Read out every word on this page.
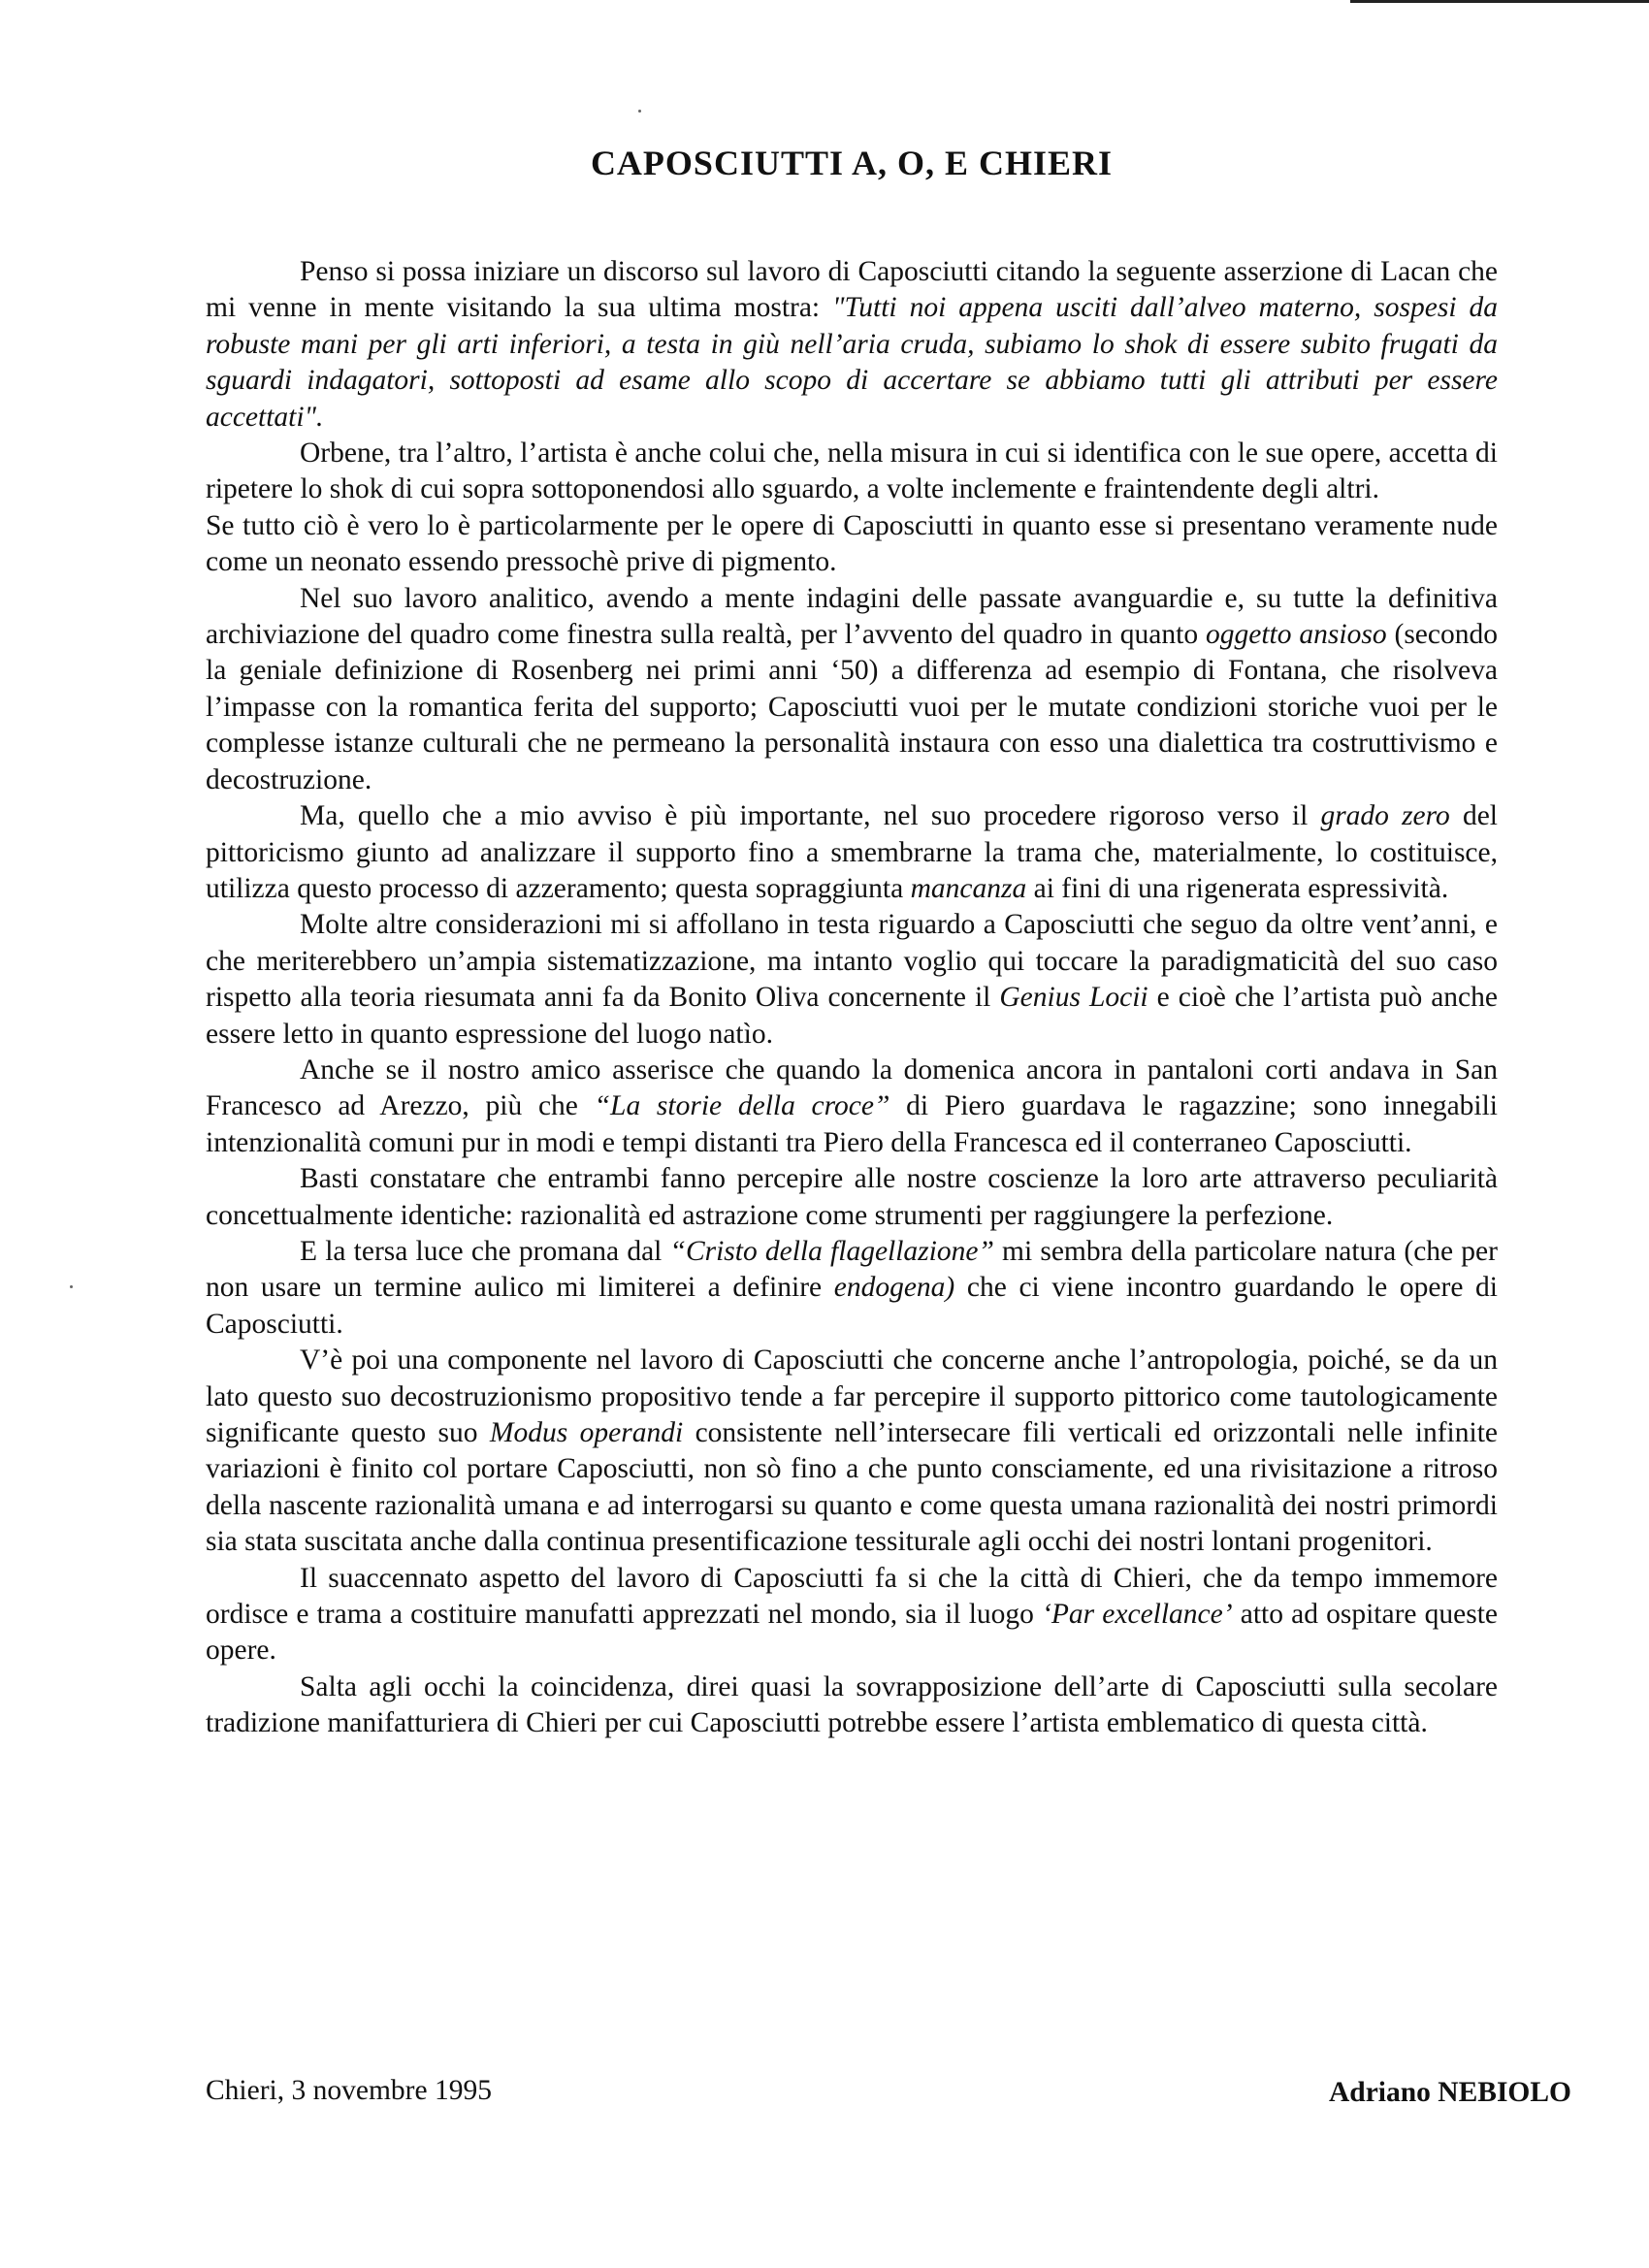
CAPOSCIUTTI A, O, E CHIERI

Penso si possa iniziare un discorso sul lavoro di Caposciutti citando la seguente asserzione di Lacan che mi venne in mente visitando la sua ultima mostra: "Tutti noi appena usciti dall’alveo materno, sospesi da robuste mani per gli arti inferiori, a testa in giù nell’aria cruda, subiamo lo shok di essere subito frugati da sguardi indagatori, sottoposti ad esame allo scopo di accertare se abbiamo tutti gli attributi per essere accettati".

Orbene, tra l’altro, l’artista è anche colui che, nella misura in cui si identifica con le sue opere, accetta di ripetere lo shok di cui sopra sottoponendosi allo sguardo, a volte inclemente e fraintendente degli altri.

Se tutto ciò è vero lo è particolarmente per le opere di Caposciutti in quanto esse si presentano veramente nude come un neonato essendo pressochè prive di pigmento.

Nel suo lavoro analitico, avendo a mente indagini delle passate avanguardie e, su tutte la definitiva archiviazione del quadro come finestra sulla realtà, per l’avvento del quadro in quanto oggetto ansioso (secondo la geniale definizione di Rosenberg nei primi anni ‘50) a differenza ad esempio di Fontana, che risolveva l’impasse con la romantica ferita del supporto; Caposciutti vuoi per le mutate condizioni storiche vuoi per le complesse istanze culturali che ne permeano la personalità instaura con esso una dialettica tra costruttivismo e decostruzione.

Ma, quello che a mio avviso è più importante, nel suo procedere rigoroso verso il grado zero del pittoricismo giunto ad analizzare il supporto fino a smembrarne la trama che, materialmente, lo costituisce, utilizza questo processo di azzeramento; questa sopraggiunta mancanza ai fini di una rigenerata espressività.

Molte altre considerazioni mi si affollano in testa riguardo a Caposciutti che seguo da oltre vent’anni, e che meriterebbero un’ampia sistematizzazione, ma intanto voglio qui toccare la paradigmaticità del suo caso rispetto alla teoria riesumata anni fa da Bonito Oliva concernente il Genius Locii e cioè che l’artista può anche essere letto in quanto espressione del luogo natìo.

Anche se il nostro amico asserisce che quando la domenica ancora in pantaloni corti andava in San Francesco ad Arezzo, più che “La storie della croce” di Piero guardava le ragazzine; sono innegabili intenzionalità comuni pur in modi e tempi distanti tra Piero della Francesca ed il conterraneo Caposciutti.

Basti constatare che entrambi fanno percepire alle nostre coscienze la loro arte attraverso peculiarità concettualmente identiche: razionalità ed astrazione come strumenti per raggiungere la perfezione.

E la tersa luce che promana dal “Cristo della flagellazione” mi sembra della particolare natura (che per non usare un termine aulico mi limiterei a definire endogena) che ci viene incontro guardando le opere di Caposciutti.

V’è poi una componente nel lavoro di Caposciutti che concerne anche l’antropologia, poiché, se da un lato questo suo decostruzionismo propositivo tende a far percepire il supporto pittorico come tautologicamente significante questo suo Modus operandi consistente nell’intersecare fili verticali ed orizzontali nelle infinite variazioni è finito col portare Caposciutti, non sò fino a che punto consciamente, ed una rivisitazione a ritroso della nascente razionalità umana e ad interrogarsi su quanto e come questa umana razionalità dei nostri primordi sia stata suscitata anche dalla continua presentificazione tessiturale agli occhi dei nostri lontani progenitori.

Il suaccennato aspetto del lavoro di Caposciutti fa si che la città di Chieri, che da tempo immemore ordisce e trama a costituire manufatti apprezzati nel mondo, sia il luogo ‘Par excellance’ atto ad ospitare queste opere.

Salta agli occhi la coincidenza, direi quasi la sovrapposizione dell’arte di Caposciutti sulla secolare tradizione manifatturiera di Chieri per cui Caposciutti potrebbe essere l’artista emblematico di questa città.

Chieri, 3 novembre 1995	Adriano NEBIOLO
